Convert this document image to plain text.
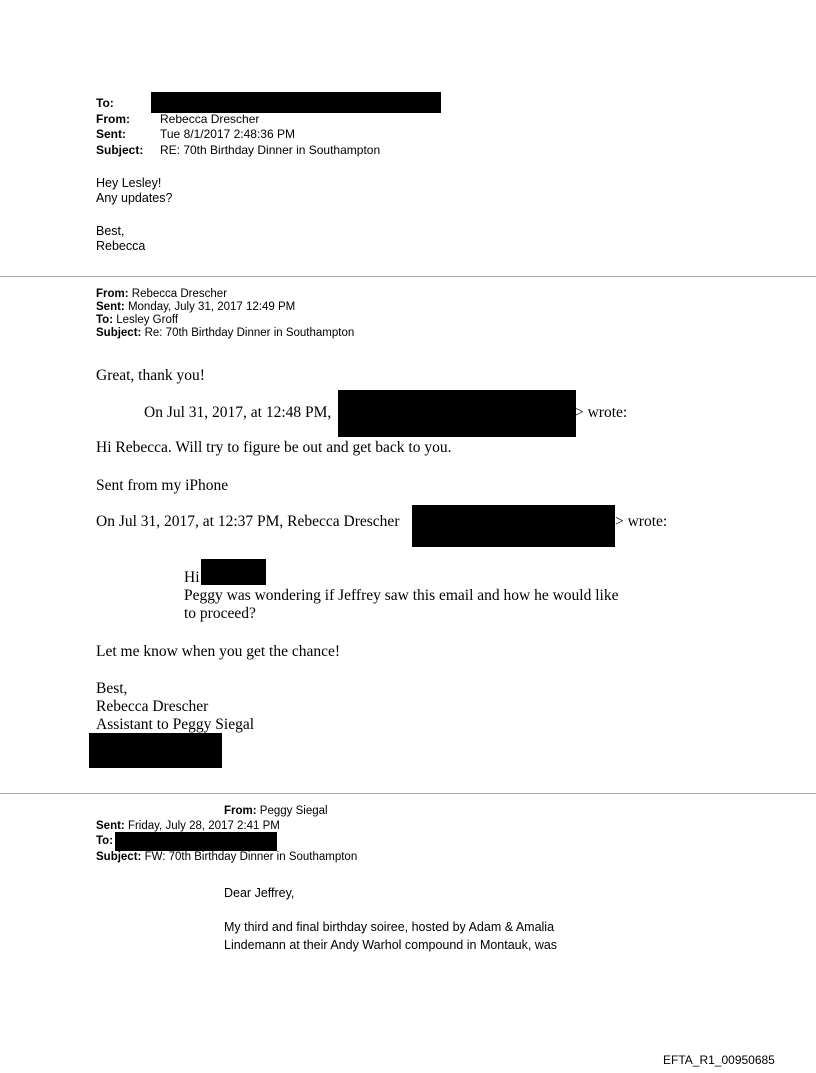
To:
From:	Rebecca Drescher
Sent:	Tue 8/1/2017 2:48:36 PM
Subject: RE: 70th Birthday Dinner in Southampton
Hey Lesley!
Any updates?
Best,
Rebecca
From: Rebecca Drescher
Sent: Monday, July 31, 2017 12:49 PM
To: Lesley Groff
Subject: Re: 70th Birthday Dinner in Southampton
Great, thank you!
On Jul 31, 2017, at 12:48 PM,	> wrote:
Hi Rebecca. Will try to figure be out and get back to you.
Sent from my iPhone
On Jul 31, 2017, at 12:37 PM, Rebecca Drescher	> wrote:
Hi
Peggy was wondering if Jeffrey saw this email and how he would like
to proceed?
Let me know when you get the chance!
Best,
Rebecca Drescher
Assistant to Peggy Siegal
From: Peggy Siegal
Sent: Friday, July 28, 2017 2:41 PM
To:
Subject: FW: 70th Birthday Dinner in Southampton
Dear Jeffrey,
My third and final birthday soiree, hosted by Adam & Amalia
Lindemann at their Andy Warhol compound in Montauk, was
EFTA_R1_00950685
